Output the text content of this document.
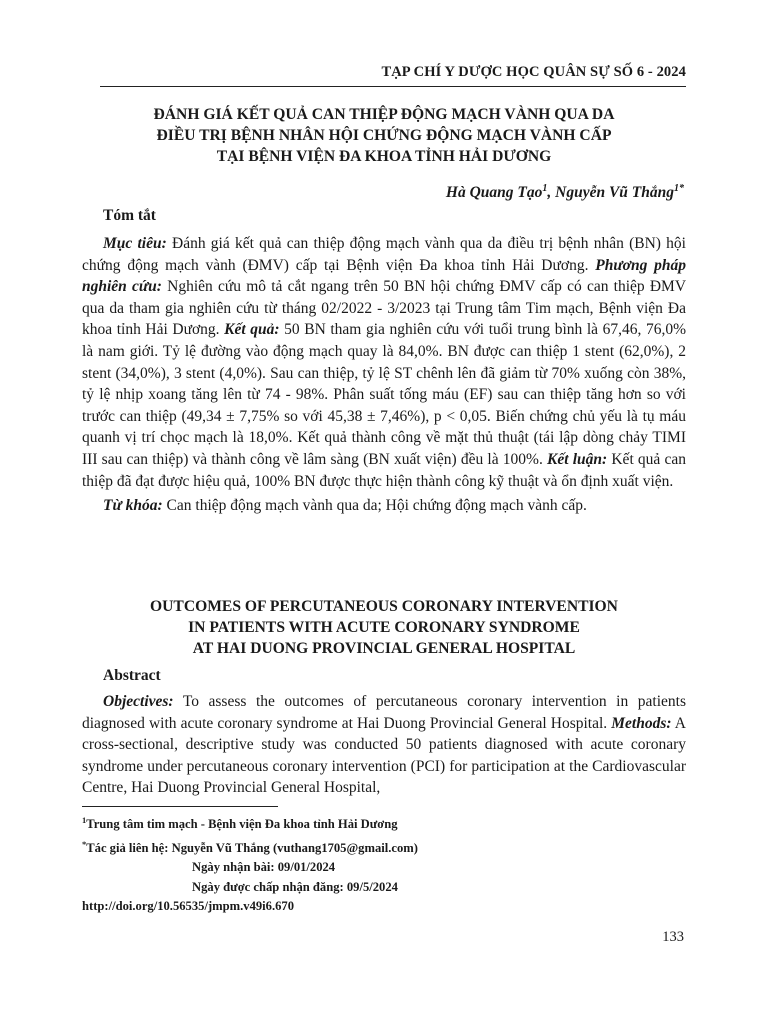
TẠP CHÍ Y DƯỢC HỌC QUÂN SỰ SỐ 6 - 2024
ĐÁNH GIÁ KẾT QUẢ CAN THIỆP ĐỘNG MẠCH VÀNH QUA DA
ĐIỀU TRỊ BỆNH NHÂN HỘI CHỨNG ĐỘNG MẠCH VÀNH CẤP
TẠI BỆNH VIỆN ĐA KHOA TỈNH HẢI DƯƠNG
Hà Quang Tạo$^1$, Nguyễn Vũ Thắng$^{1*}$
Tóm tắt

Mục tiêu: Đánh giá kết quả can thiệp động mạch vành qua da điều trị bệnh nhân (BN) hội chứng động mạch vành (ĐMV) cấp tại Bệnh viện Đa khoa tỉnh Hải Dương. Phương pháp nghiên cứu: Nghiên cứu mô tả cắt ngang trên 50 BN hội chứng ĐMV cấp có can thiệp ĐMV qua da tham gia nghiên cứu từ tháng 02/2022 - 3/2023 tại Trung tâm Tim mạch, Bệnh viện Đa khoa tỉnh Hải Dương. Kết quả: 50 BN tham gia nghiên cứu với tuổi trung bình là 67,46, 76,0% là nam giới. Tỷ lệ đường vào động mạch quay là 84,0%. BN được can thiệp 1 stent (62,0%), 2 stent (34,0%), 3 stent (4,0%). Sau can thiệp, tỷ lệ ST chênh lên đã giảm từ 70% xuống còn 38%, tỷ lệ nhịp xoang tăng lên từ 74 - 98%. Phân suất tống máu (EF) sau can thiệp tăng hơn so với trước can thiệp (49,34 ± 7,75% so với 45,38 ± 7,46%), p < 0,05. Biến chứng chủ yếu là tụ máu quanh vị trí chọc mạch là 18,0%. Kết quả thành công về mặt thủ thuật (tái lập dòng chảy TIMI III sau can thiệp) và thành công về lâm sàng (BN xuất viện) đều là 100%. Kết luận: Kết quả can thiệp đã đạt được hiệu quả, 100% BN được thực hiện thành công kỹ thuật và ổn định xuất viện.

Từ khóa: Can thiệp động mạch vành qua da; Hội chứng động mạch vành cấp.

OUTCOMES OF PERCUTANEOUS CORONARY INTERVENTION
IN PATIENTS WITH ACUTE CORONARY SYNDROME
AT HAI DUONG PROVINCIAL GENERAL HOSPITAL
Abstract

Objectives: To assess the outcomes of percutaneous coronary intervention in patients diagnosed with acute coronary syndrome at Hai Duong Provincial General Hospital. Methods: A cross-sectional, descriptive study was conducted 50 patients diagnosed with acute coronary syndrome under percutaneous coronary intervention (PCI) for participation at the Cardiovascular Centre, Hai Duong Provincial General Hospital,

$^1$Trung tâm tim mạch - Bệnh viện Đa khoa tỉnh Hải Dương
*Tác giả liên hệ: Nguyễn Vũ Thắng (vuthang1705@gmail.com)
Ngày nhận bài: 09/01/2024
Ngày được chấp nhận đăng: 09/5/2024
http://doi.org/10.56535/jmpm.v49i6.670
133
